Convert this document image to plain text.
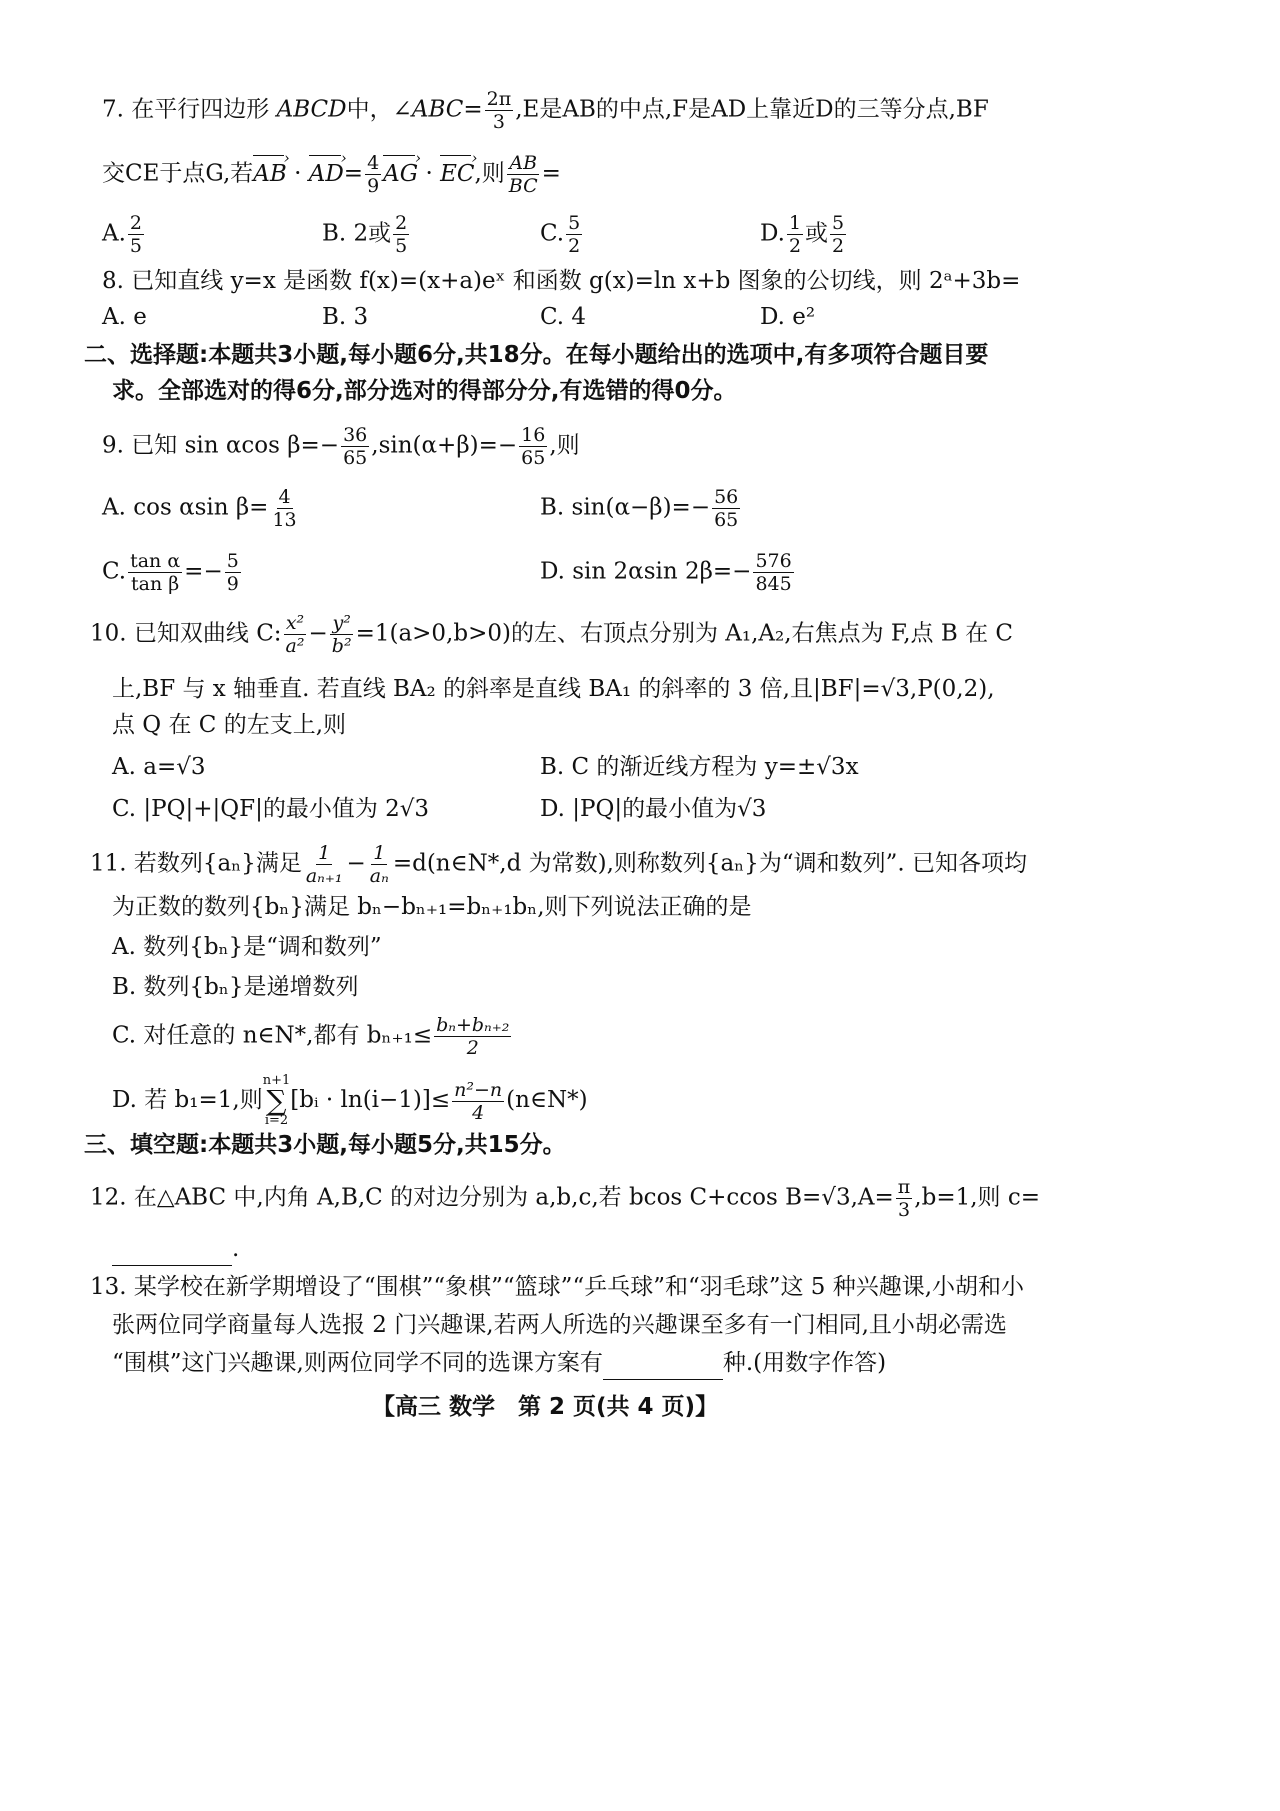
7. 在平行四边形 ABCD中，∠ABC= $\frac{2\pi}{3} ,E$是AB的中点,F是AD上靠近D的三等分点,BF
交CE于点G,若AB › · AD ›= $\frac{4}{9}$ AG › · EC ›,则 $\frac{AB}{BC}$ =
A. $\frac{2}{5}$	B. 2或 $\frac{2}{5}$	C. $\frac{5}{2}$	D. $\frac{1}{2}$ 或 $\frac{5}{2}$
8. 已知直线 y=x 是函数 f(x)=(x+a)eˣ 和函数 g(x)=ln x+b 图象的公切线，则 2ᵃ+3b=
A. e	B. 3	C. 4	D. e²
二、选择题:本题共3小题,每小题6分,共18分。在每小题给出的选项中,有多项符合题目要
求。全部选对的得6分,部分选对的得部分分,有选错的得0分。
9. 已知 sin αcos $\beta=- \frac{36}{65} ,\sin(\alpha+\beta)=- \frac{16}{65}$ ,则
A. cos αsin $\beta= \frac{4}{13}$	B. $\sin(\alpha-\beta)=- \frac{56}{65}$
C. $\frac{\text{tan α}}{\text{tan β}} =- \frac{5}{9}$	D. sin 2αsin $2\beta=- \frac{576}{845}$
10. 已知双曲线 C: $\frac{\text{x²}}{\text{a²}} - \frac{\text{y²}}{\text{b²}} =1(a>0,b>0)$的左、右顶点分别为 A₁,A₂,右焦点为 F,点 B 在 C
上,BF 与 x 轴垂直. 若直线 BA₂ 的斜率是直线 BA₁ 的斜率的 3 倍,且|BF|=√3,P(0,2),
点 Q 在 C 的左支上,则
A. a=√3	B. C 的渐近线方程为 y=±√3x
C. |PQ|+|QF|的最小值为 2√3	D. |PQ|的最小值为√3
11. 若数列{aₙ}满足 $\frac{1}{\text{aₙ₊₁}} - \frac{1}{\text{aₙ}}$ =d(n∈N*,d 为常数),则称数列{aₙ}为“调和数列”. 已知各项均
为正数的数列{bₙ}满足 bₙ−bₙ₊₁=bₙ₊₁bₙ,则下列说法正确的是
A. 数列{bₙ}是“调和数列”
B. 数列{bₙ}是递增数列
C. 对任意的 n∈N*,都有 $b_{n+1}\le \frac{\text{bₙ+bₙ₊₂}}{2}$
D. 若 b₁=1,则
n+1
∑
i=2
[bᵢ · $\ln(i-1)]\le \frac{\text{n²−n}}{4}$ (n∈N*)
三、填空题:本题共3小题,每小题5分,共15分。
12. 在△ABC 中,内角 A,B,C 的对边分别为 a,b,c,若 bcos C+ccos $B=√3,A= \frac{\pi}{3} ,b=1$,则 c=
.
13. 某学校在新学期增设了“围棋”“象棋”“篮球”“乒乓球”和“羽毛球”这 5 种兴趣课,小胡和小
张两位同学商量每人选报 2 门兴趣课,若两人所选的兴趣课至多有一门相同,且小胡必需选
“围棋”这门兴趣课,则两位同学不同的选课方案有	种.(用数字作答)
【高三 数学　第 2 页(共 4 页)】
